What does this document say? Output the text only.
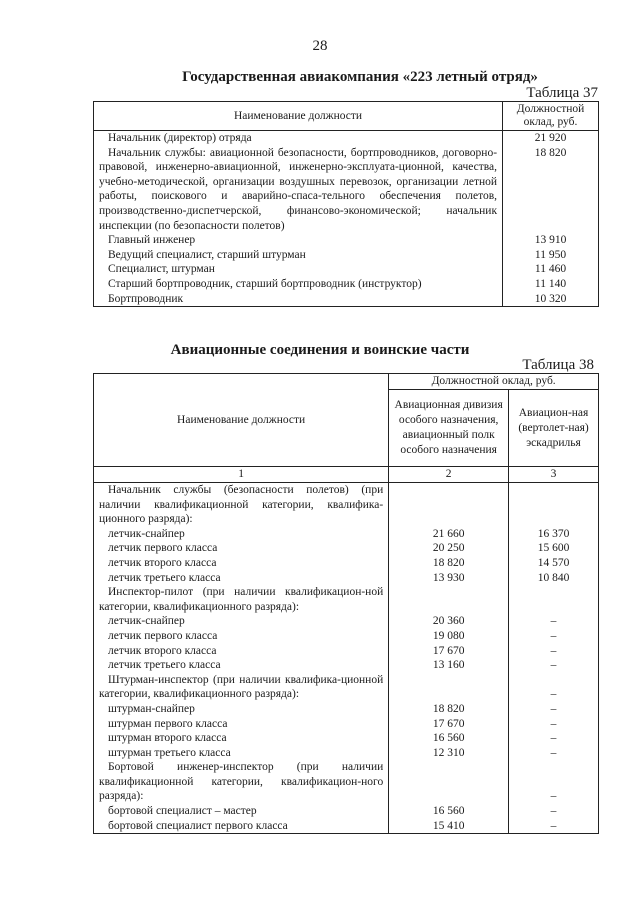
28
Государственная авиакомпания «223 летный отряд»
Таблица 37
Наименование должности	Должностной оклад, руб.
Начальник (директор) отряда	21 920
Начальник службы: авиационной безопасности, бортпроводников, договорно-правовой, инженерно-авиационной, инженерно-эксплуата-ционной, качества, учебно-методической, организации воздушных перевозок, организации летной работы, поискового и аварийно-спаса-тельного обеспечения полетов, производственно-диспетчерской, финансово-экономической; начальник инспекции (по безопасности полетов)	18 820
Главный инженер	13 910
Ведущий специалист, старший штурман	11 950
Специалист, штурман	11 460
Старший бортпроводник, старший бортпроводник (инструктор)	11 140
Бортпроводник	10 320
Авиационные соединения и воинские части
Таблица 38
Наименование должности	Должностной оклад, руб.	
	Авиационная дивизия особого назначения, авиационный полк особого назначения	Авиацион-ная (вертолет-ная) эскадрилья
1	2	3
Начальник службы (безопасности полетов) (при наличии квалификационной категории, квалифика-ционного разряда):		
летчик-снайпер	21 660	16 370
летчик первого класса	20 250	15 600
летчик второго класса	18 820	14 570
летчик третьего класса	13 930	10 840
Инспектор-пилот (при наличии квалификацион-ной категории, квалификационного разряда):		
летчик-снайпер	20 360	–
летчик первого класса	19 080	–
летчик второго класса	17 670	–
летчик третьего класса	13 160	–
Штурман-инспектор (при наличии квалифика-ционной категории, квалификационного разряда):		–
штурман-снайпер	18 820	–
штурман первого класса	17 670	–
штурман второго класса	16 560	–
штурман третьего класса	12 310	–
Бортовой инженер-инспектор (при наличии квалификационной категории, квалификацион-ного разряда):		–
бортовой специалист – мастер	16 560	–
бортовой специалист первого класса	15 410	–
